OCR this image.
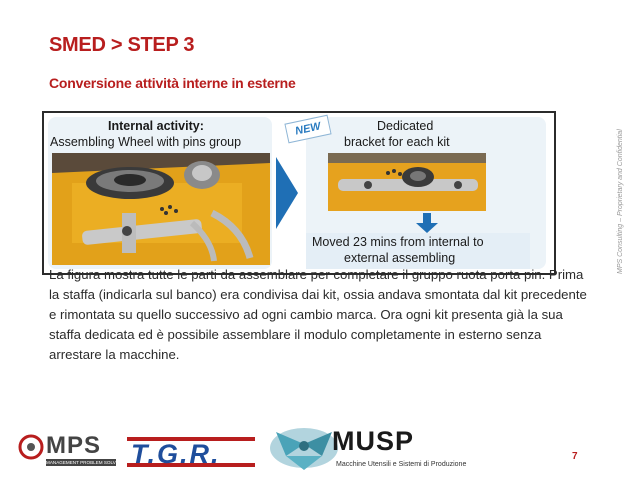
SMED > STEP 3
Conversione attività interne in esterne
MPS Consulting – Proprietary and Confidential
Internal activity:
Assembling Wheel with pins group
NEW	Dedicated
bracket for each kit
Moved 23 mins from internal to
external assembling
La figura mostra tutte le parti da assemblare per completare il gruppo ruota porta pin. Prima la staffa (indicarla sul banco) era condivisa dai kit, ossia andava smontata dal kit precedente e rimontata su quello successivo ad ogni cambio marca. Ora ogni kit presenta già la sua staffa dedicata ed è possibile assemblare il modulo completamente in esterno senza arrestare la macchine.
MPS
MANAGEMENT PROBLEM SOLVING T.G.R.	MUSP
Macchine Utensili e Sistemi di Produzione
7
